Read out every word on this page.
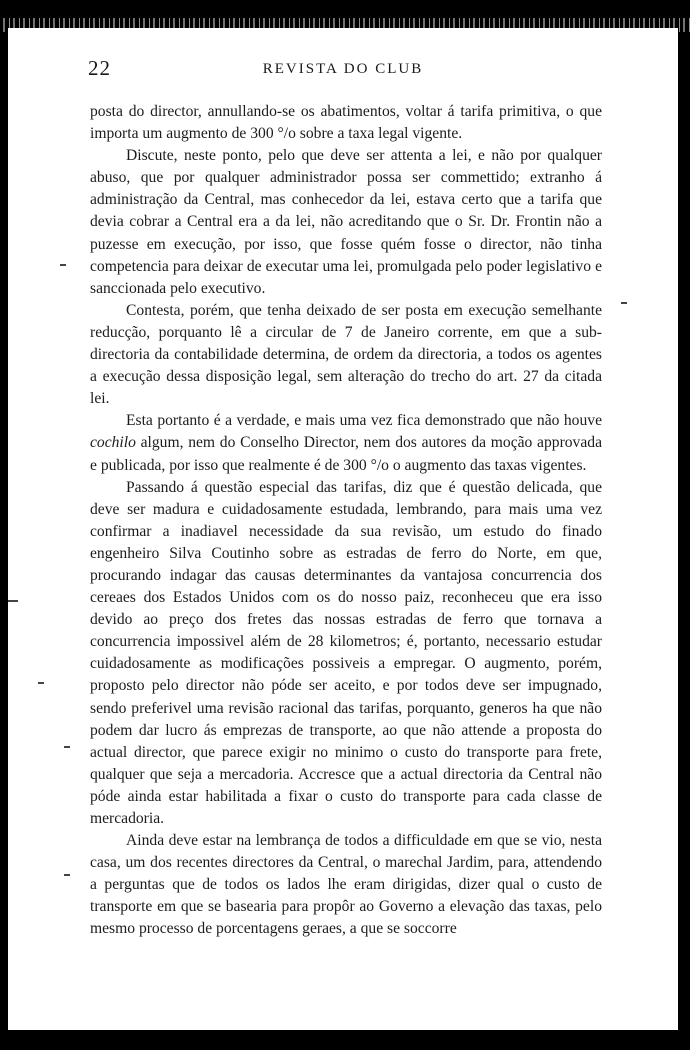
22	REVISTA DO CLUB

posta do director, annullando-se os abatimentos, voltar á tarifa primitiva, o que importa um augmento de 300 °/o sobre a taxa legal vigente.

Discute, neste ponto, pelo que deve ser attenta a lei, e não por qualquer abuso, que por qualquer administrador possa ser commettido; extranho á administração da Central, mas conhecedor da lei, estava certo que a tarifa que devia cobrar a Central era a da lei, não acreditando que o Sr. Dr. Frontin não a puzesse em execução, por isso, que fosse quém fosse o director, não tinha competencia para deixar de executar uma lei, promulgada pelo poder legislativo e sanccionada pelo executivo.

Contesta, porém, que tenha deixado de ser posta em execução semelhante reducção, porquanto lê a circular de 7 de Janeiro corrente, em que a sub-directoria da contabilidade determina, de ordem da directoria, a todos os agentes a execução dessa disposição legal, sem alteração do trecho do art. 27 da citada lei.

Esta portanto é a verdade, e mais uma vez fica demonstrado que não houve cochilo algum, nem do Conselho Director, nem dos autores da moção approvada e publicada, por isso que realmente é de 300 °/o o augmento das taxas vigentes.

Passando á questão especial das tarifas, diz que é questão delicada, que deve ser madura e cuidadosamente estudada, lembrando, para mais uma vez confirmar a inadiavel necessidade da sua revisão, um estudo do finado engenheiro Silva Coutinho sobre as estradas de ferro do Norte, em que, procurando indagar das causas determinantes da vantajosa concurrencia dos cereaes dos Estados Unidos com os do nosso paiz, reconheceu que era isso devido ao preço dos fretes das nossas estradas de ferro que tornava a concurrencia impossivel além de 28 kilometros; é, portanto, necessario estudar cuidadosamente as modificações possiveis a empregar. O augmento, porém, proposto pelo director não póde ser aceito, e por todos deve ser impugnado, sendo preferivel uma revisão racional das tarifas, porquanto, generos ha que não podem dar lucro ás emprezas de transporte, ao que não attende a proposta do actual director, que parece exigir no minimo o custo do transporte para frete, qualquer que seja a mercadoria. Accresce que a actual directoria da Central não póde ainda estar habilitada a fixar o custo do transporte para cada classe de mercadoria.

Ainda deve estar na lembrança de todos a difficuldade em que se vio, nesta casa, um dos recentes directores da Central, o marechal Jardim, para, attendendo a perguntas que de todos os lados lhe eram dirigidas, dizer qual o custo de transporte em que se basearia para propôr ao Governo a elevação das taxas, pelo mesmo processo de porcentagens geraes, a que se soccorre
